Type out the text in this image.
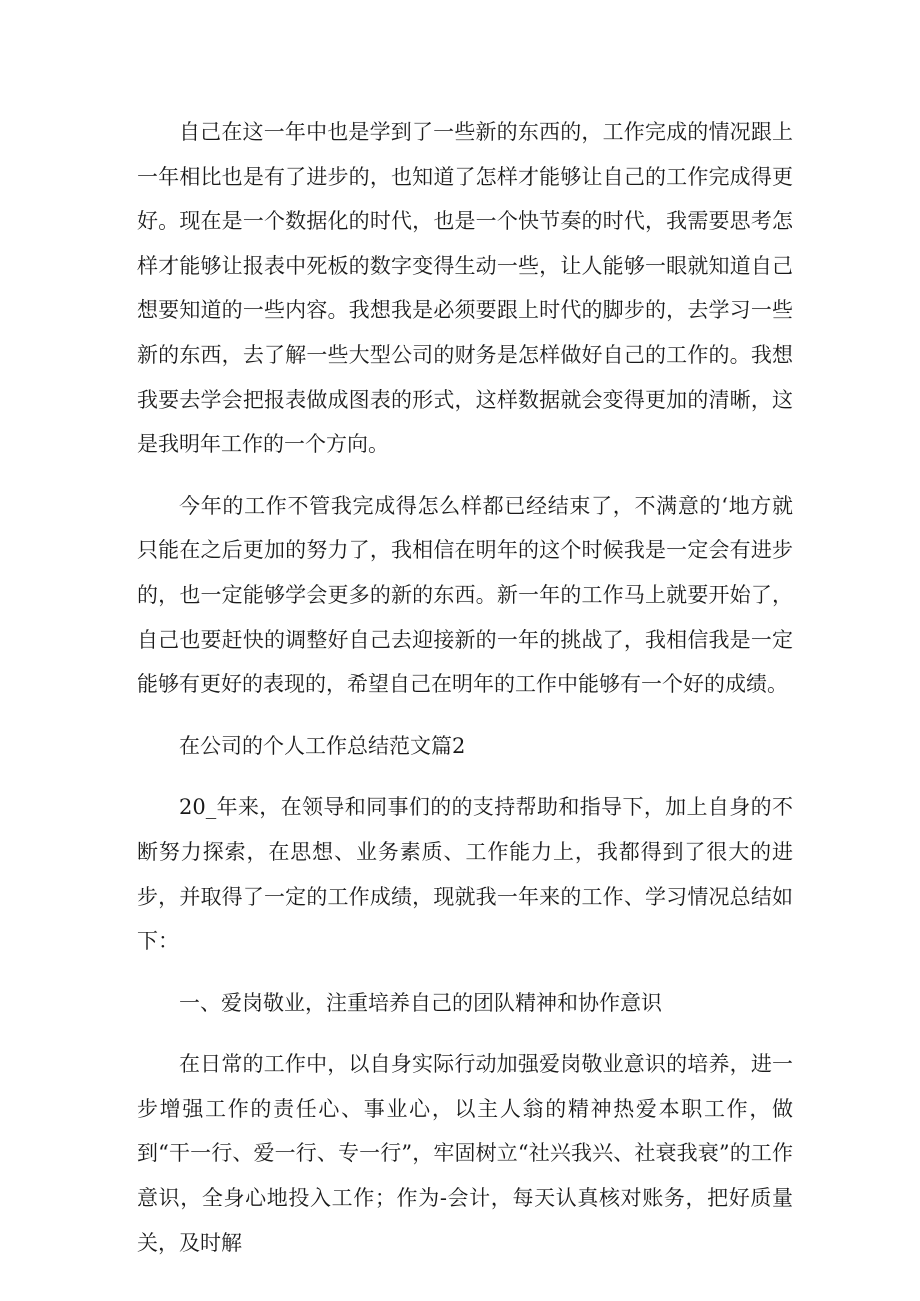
自己在这一年中也是学到了一些新的东西的，工作完成的情况跟上一年相比也是有了进步的，也知道了怎样才能够让自己的工作完成得更好。现在是一个数据化的时代，也是一个快节奏的时代，我需要思考怎样才能够让报表中死板的数字变得生动一些，让人能够一眼就知道自己想要知道的一些内容。我想我是必须要跟上时代的脚步的，去学习一些新的东西，去了解一些大型公司的财务是怎样做好自己的工作的。我想我要去学会把报表做成图表的形式，这样数据就会变得更加的清晰，这是我明年工作的一个方向。

今年的工作不管我完成得怎么样都已经结束了，不满意的‘地方就只能在之后更加的努力了，我相信在明年的这个时候我是一定会有进步的，也一定能够学会更多的新的东西。新一年的工作马上就要开始了，自己也要赶快的调整好自己去迎接新的一年的挑战了，我相信我是一定能够有更好的表现的，希望自己在明年的工作中能够有一个好的成绩。

在公司的个人工作总结范文篇2

20_年来，在领导和同事们的的支持帮助和指导下，加上自身的不断努力探索，在思想、业务素质、工作能力上，我都得到了很大的进步，并取得了一定的工作成绩，现就我一年来的工作、学习情况总结如下：

一、爱岗敬业，注重培养自己的团队精神和协作意识

在日常的工作中，以自身实际行动加强爱岗敬业意识的培养，进一步增强工作的责任心、事业心，以主人翁的精神热爱本职工作，做到“干一行、爱一行、专一行”，牢固树立“社兴我兴、社衰我衰”的工作意识，全身心地投入工作；作为-会计，每天认真核对账务，把好质量关，及时解
